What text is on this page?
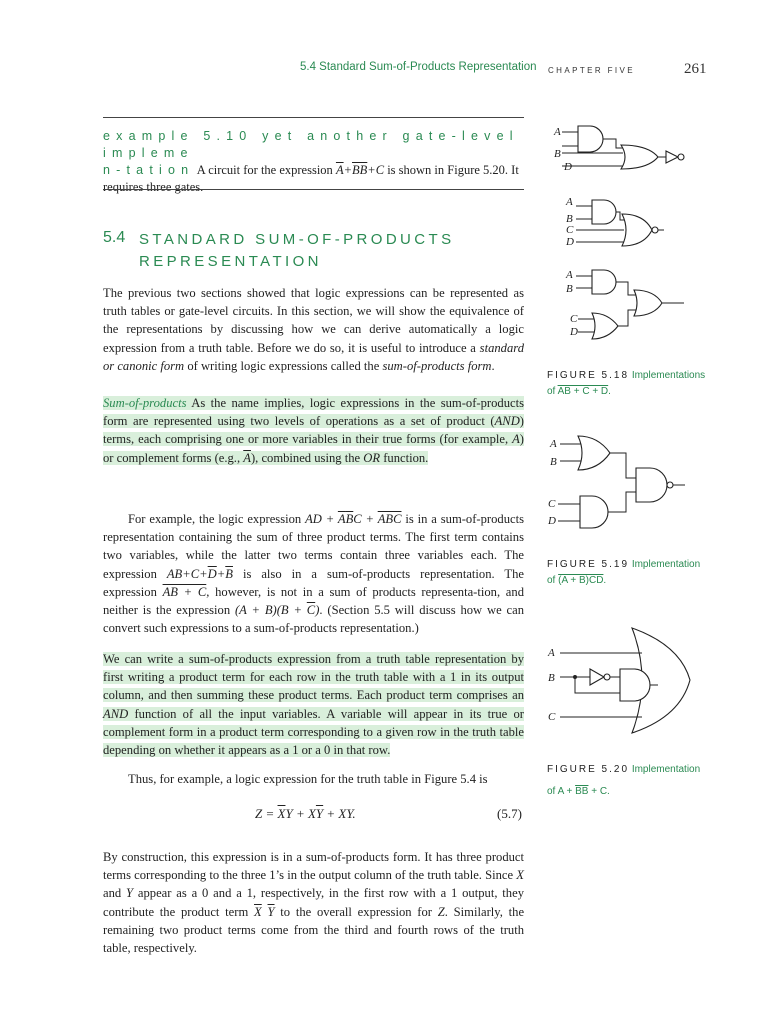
5.4 Standard Sum-of-Products Representation CHAPTER FIVE	261
example 5.10 yet another gate-level impleme
n-tation A circuit for the expression $\overline{A}+\overline{BB}+C$ is shown in Figure 5.20. It requires three gates.
5.4 STANDARD SUM-OF-PRODUCTS REPRESENTATION
The previous two sections showed that logic expressions can be represented as truth tables or gate-level circuits. In this section, we will show the equivalence of the representations by discussing how we can derive automatically a logic expression from a truth table. Before we do so, it is useful to introduce a standard or canonic form of writing logic expressions called the sum-of-products form.
Sum-of-products As the name implies, logic expressions in the sum-of-products form are represented using two levels of operations as a set of product (AND) terms, each comprising one or more variables in their true forms (for example, A) or complement forms (e.g., $\overline{A}$), combined using the OR function.
For example, the logic expression AD + $\overline{A}\overline{B}C + \overline{ABC}$ is in a sum-of-products representation containing the sum of three product terms. The first term contains two variables, while the latter two terms contain three variables each. The expression $AB+C+\overline{D}+\overline{B}$ is also in a sum-of-products representation. The expression AB + C, however, is not in a sum of products representa-tion, and neither is the expression $(A + B)(B + \overline{C})$. (Section 5.5 will discuss how we can convert such expressions to a sum-of-products representation.)
We can write a sum-of-products expression from a truth table representation by first writing a product term for each row in the truth table with a 1 in its output column, and then summing these product terms. Each product term comprises an AND function of all the input variables. A variable will appear in its true or complement form in a product term corresponding to a given row in the truth table depending on whether it appears as a 1 or a 0 in that row.
Thus, for example, a logic expression for the truth table in Figure 5.4 is
$Z = \overline{X}Y + X\overline{Y}$ + XY.	(5.7)
By construction, this expression is in a sum-of-products form. It has three product terms corresponding to the three 1’s in the output column of the truth table. Since X and Y appear as a 0 and a 1, respectively, in the first row with a 1 output, they contribute the product term $\overline{X}$ $\overline{Y}$ to the overall expression for Z. Similarly, the remaining two product terms come from the third and fourth rows of the truth table, respectively.
A
B
D
A
B
C
D
A
B
C
D
FIGURE 5.18 Implementations
of AB + C + D.
A
B
C
D
FIGURE 5.19 Implementation
of (A + B)CD.
A
B
C
FIGURE 5.20 Implementation

of $A + \overline{BB} + C$.
